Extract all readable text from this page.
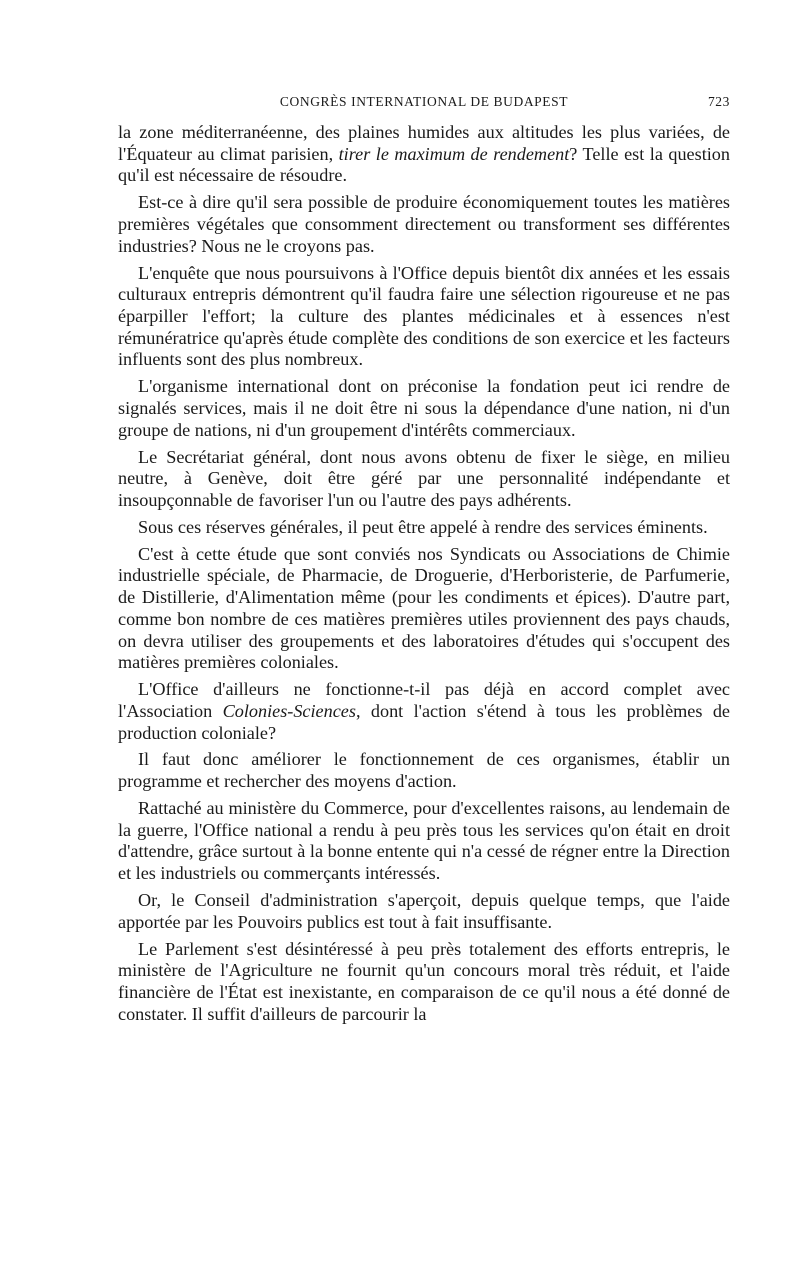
CONGRÈS INTERNATIONAL DE BUDAPEST	723

la zone méditerranéenne, des plaines humides aux altitudes les plus variées, de l'Équateur au climat parisien, tirer le maximum de rendement? Telle est la question qu'il est nécessaire de résoudre.

Est-ce à dire qu'il sera possible de produire économiquement toutes les matières premières végétales que consomment directement ou transforment ses différentes industries? Nous ne le croyons pas.

L'enquête que nous poursuivons à l'Office depuis bientôt dix années et les essais culturaux entrepris démontrent qu'il faudra faire une sélection rigoureuse et ne pas éparpiller l'effort; la culture des plantes médicinales et à essences n'est rémunératrice qu'après étude complète des conditions de son exercice et les facteurs influents sont des plus nombreux.

L'organisme international dont on préconise la fondation peut ici rendre de signalés services, mais il ne doit être ni sous la dépendance d'une nation, ni d'un groupe de nations, ni d'un groupement d'intérêts commerciaux.

Le Secrétariat général, dont nous avons obtenu de fixer le siège, en milieu neutre, à Genève, doit être géré par une personnalité indépendante et insoupçonnable de favoriser l'un ou l'autre des pays adhérents.

Sous ces réserves générales, il peut être appelé à rendre des services éminents.

C'est à cette étude que sont conviés nos Syndicats ou Associations de Chimie industrielle spéciale, de Pharmacie, de Droguerie, d'Herboristerie, de Parfumerie, de Distillerie, d'Alimentation même (pour les condiments et épices). D'autre part, comme bon nombre de ces matières premières utiles proviennent des pays chauds, on devra utiliser des groupements et des laboratoires d'études qui s'occupent des matières premières coloniales.

L'Office d'ailleurs ne fonctionne-t-il pas déjà en accord complet avec l'Association Colonies-Sciences, dont l'action s'étend à tous les problèmes de production coloniale?

Il faut donc améliorer le fonctionnement de ces organismes, établir un programme et rechercher des moyens d'action.

Rattaché au ministère du Commerce, pour d'excellentes raisons, au lendemain de la guerre, l'Office national a rendu à peu près tous les services qu'on était en droit d'attendre, grâce surtout à la bonne entente qui n'a cessé de régner entre la Direction et les industriels ou commerçants intéressés.

Or, le Conseil d'administration s'aperçoit, depuis quelque temps, que l'aide apportée par les Pouvoirs publics est tout à fait insuffisante.

Le Parlement s'est désintéressé à peu près totalement des efforts entrepris, le ministère de l'Agriculture ne fournit qu'un concours moral très réduit, et l'aide financière de l'État est inexistante, en comparaison de ce qu'il nous a été donné de constater. Il suffit d'ailleurs de parcourir la
